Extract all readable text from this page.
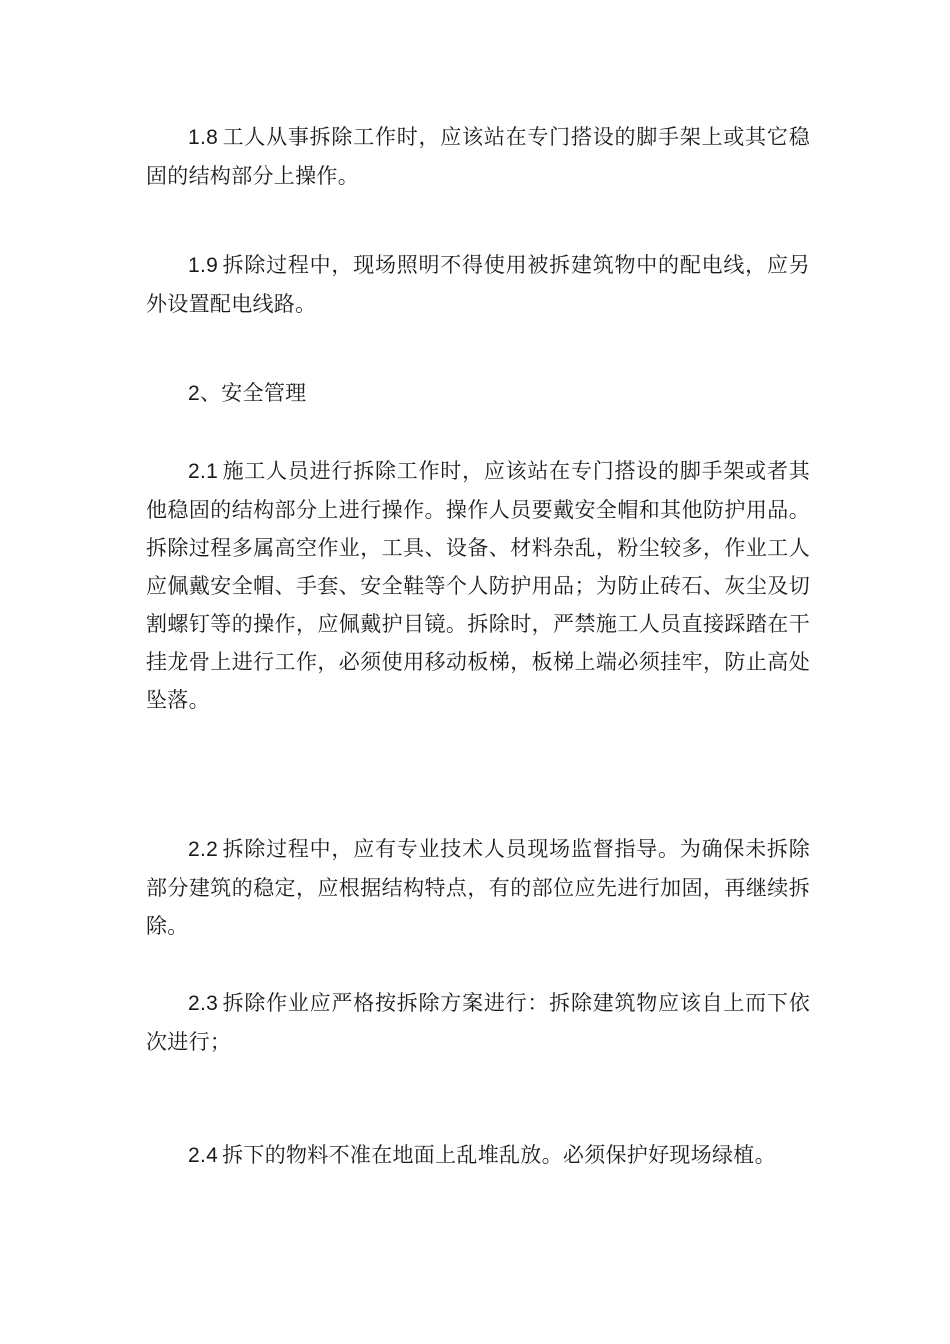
1.8 工人从事拆除工作时，应该站在专门搭设的脚手架上或其它稳固的结构部分上操作。

1.9 拆除过程中，现场照明不得使用被拆建筑物中的配电线，应另外设置配电线路。

2、安全管理

2.1 施工人员进行拆除工作时，应该站在专门搭设的脚手架或者其他稳固的结构部分上进行操作。操作人员要戴安全帽和其他防护用品。拆除过程多属高空作业，工具、设备、材料杂乱，粉尘较多，作业工人应佩戴安全帽、手套、安全鞋等个人防护用品；为防止砖石、灰尘及切割螺钉等的操作，应佩戴护目镜。拆除时，严禁施工人员直接踩踏在干挂龙骨上进行工作，必须使用移动板梯，板梯上端必须挂牢，防止高处坠落。

2.2 拆除过程中，应有专业技术人员现场监督指导。为确保未拆除部分建筑的稳定，应根据结构特点，有的部位应先进行加固，再继续拆除。

2.3 拆除作业应严格按拆除方案进行：拆除建筑物应该自上而下依次进行；

2.4 拆下的物料不准在地面上乱堆乱放。必须保护好现场绿植。
